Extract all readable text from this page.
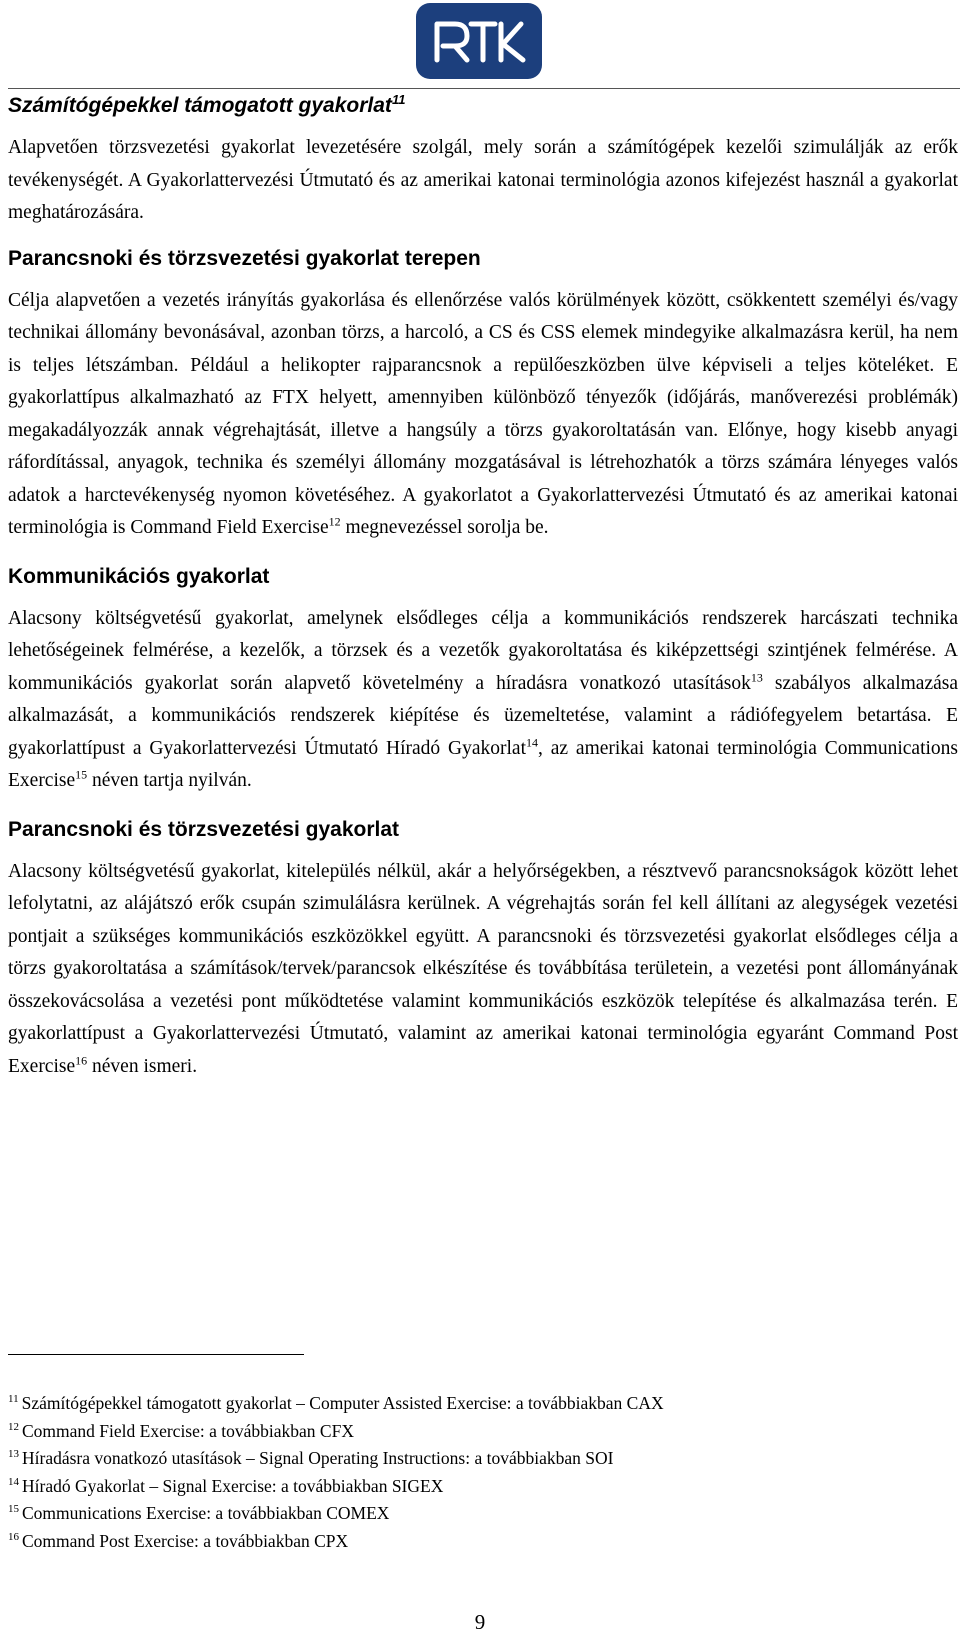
Számítógépekkel támogatott gyakorlat$^{11}$

Alapvetően törzsvezetési gyakorlat levezetésére szolgál, mely során a számítógépek kezelői szimulálják az erők tevékenységét. A Gyakorlattervezési Útmutató és az amerikai katonai terminológia azonos kifejezést használ a gyakorlat meghatározására.

Parancsnoki és törzsvezetési gyakorlat terepen

Célja alapvetően a vezetés irányítás gyakorlása és ellenőrzése valós körülmények között, csökkentett személyi és/vagy technikai állomány bevonásával, azonban törzs, a harcoló, a CS és CSS elemek mindegyike alkalmazásra kerül, ha nem is teljes létszámban. Például a helikopter rajparancsnok a repülőeszközben ülve képviseli a teljes köteléket. E gyakorlattípus alkalmazható az FTX helyett, amennyiben különböző tényezők (időjárás, manőverezési problémák) megakadályozzák annak végrehajtását, illetve a hangsúly a törzs gyakoroltatásán van. Előnye, hogy kisebb anyagi ráfordítással, anyagok, technika és személyi állomány mozgatásával is létrehozhatók a törzs számára lényeges valós adatok a harctevékenység nyomon követéséhez. A gyakorlatot a Gyakorlattervezési Útmutató és az amerikai katonai terminológia is Command Field Exercise$^{12}$ megnevezéssel sorolja be.

Kommunikációs gyakorlat

Alacsony költségvetésű gyakorlat, amelynek elsődleges célja a kommunikációs rendszerek harcászati technika lehetőségeinek felmérése, a kezelők, a törzsek és a vezetők gyakoroltatása és kiképzettségi szintjének felmérése. A kommunikációs gyakorlat során alapvető követelmény a híradásra vonatkozó utasítások$^{13}$ szabályos alkalmazása alkalmazását, a kommunikációs rendszerek kiépítése és üzemeltetése, valamint a rádiófegyelem betartása. E gyakorlattípust a Gyakorlattervezési Útmutató Híradó Gyakorlat$^{14}$, az amerikai katonai terminológia Communications Exercise$^{15}$ néven tartja nyilván.

Parancsnoki és törzsvezetési gyakorlat

Alacsony költségvetésű gyakorlat, kitelepülés nélkül, akár a helyőrségekben, a résztvevő parancsnokságok között lehet lefolytatni, az alájátszó erők csupán szimulálásra kerülnek. A végrehajtás során fel kell állítani az alegységek vezetési pontjait a szükséges kommunikációs eszközökkel együtt. A parancsnoki és törzsvezetési gyakorlat elsődleges célja a törzs gyakoroltatása a számítások/tervek/parancsok elkészítése és továbbítása területein, a vezetési pont állományának összekovácsolása a vezetési pont működtetése valamint kommunikációs eszközök telepítése és alkalmazása terén. E gyakorlattípust a Gyakorlattervezési Útmutató, valamint az amerikai katonai terminológia egyaránt Command Post Exercise$^{16}$ néven ismeri.

$^{11}$ Számítógépekkel támogatott gyakorlat – Computer Assisted Exercise: a továbbiakban CAX

$^{12}$ Command Field Exercise: a továbbiakban CFX

$^{13}$ Híradásra vonatkozó utasítások – Signal Operating Instructions: a továbbiakban SOI

$^{14}$ Híradó Gyakorlat – Signal Exercise: a továbbiakban SIGEX

$^{15}$ Communications Exercise: a továbbiakban COMEX

$^{16}$ Command Post Exercise: a továbbiakban CPX

9
